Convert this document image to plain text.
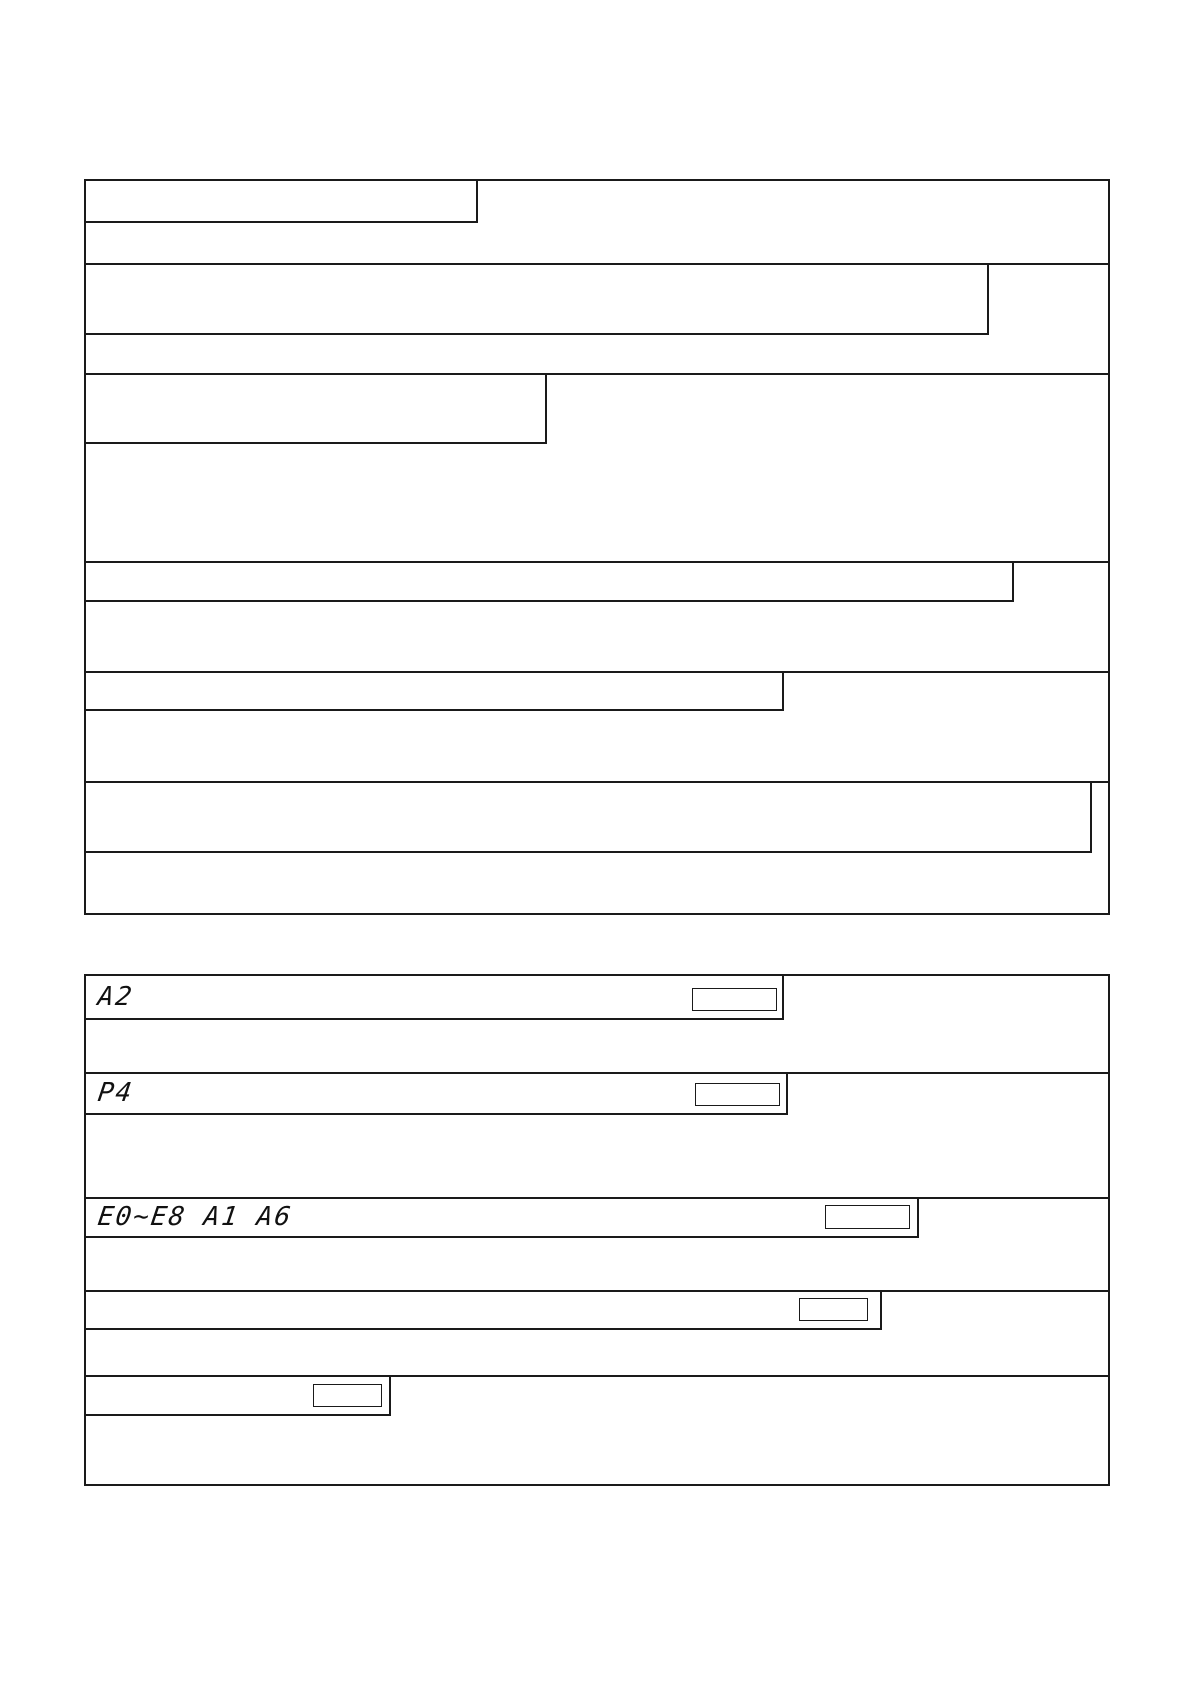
A2
P4
E0~E8 A1 A6
